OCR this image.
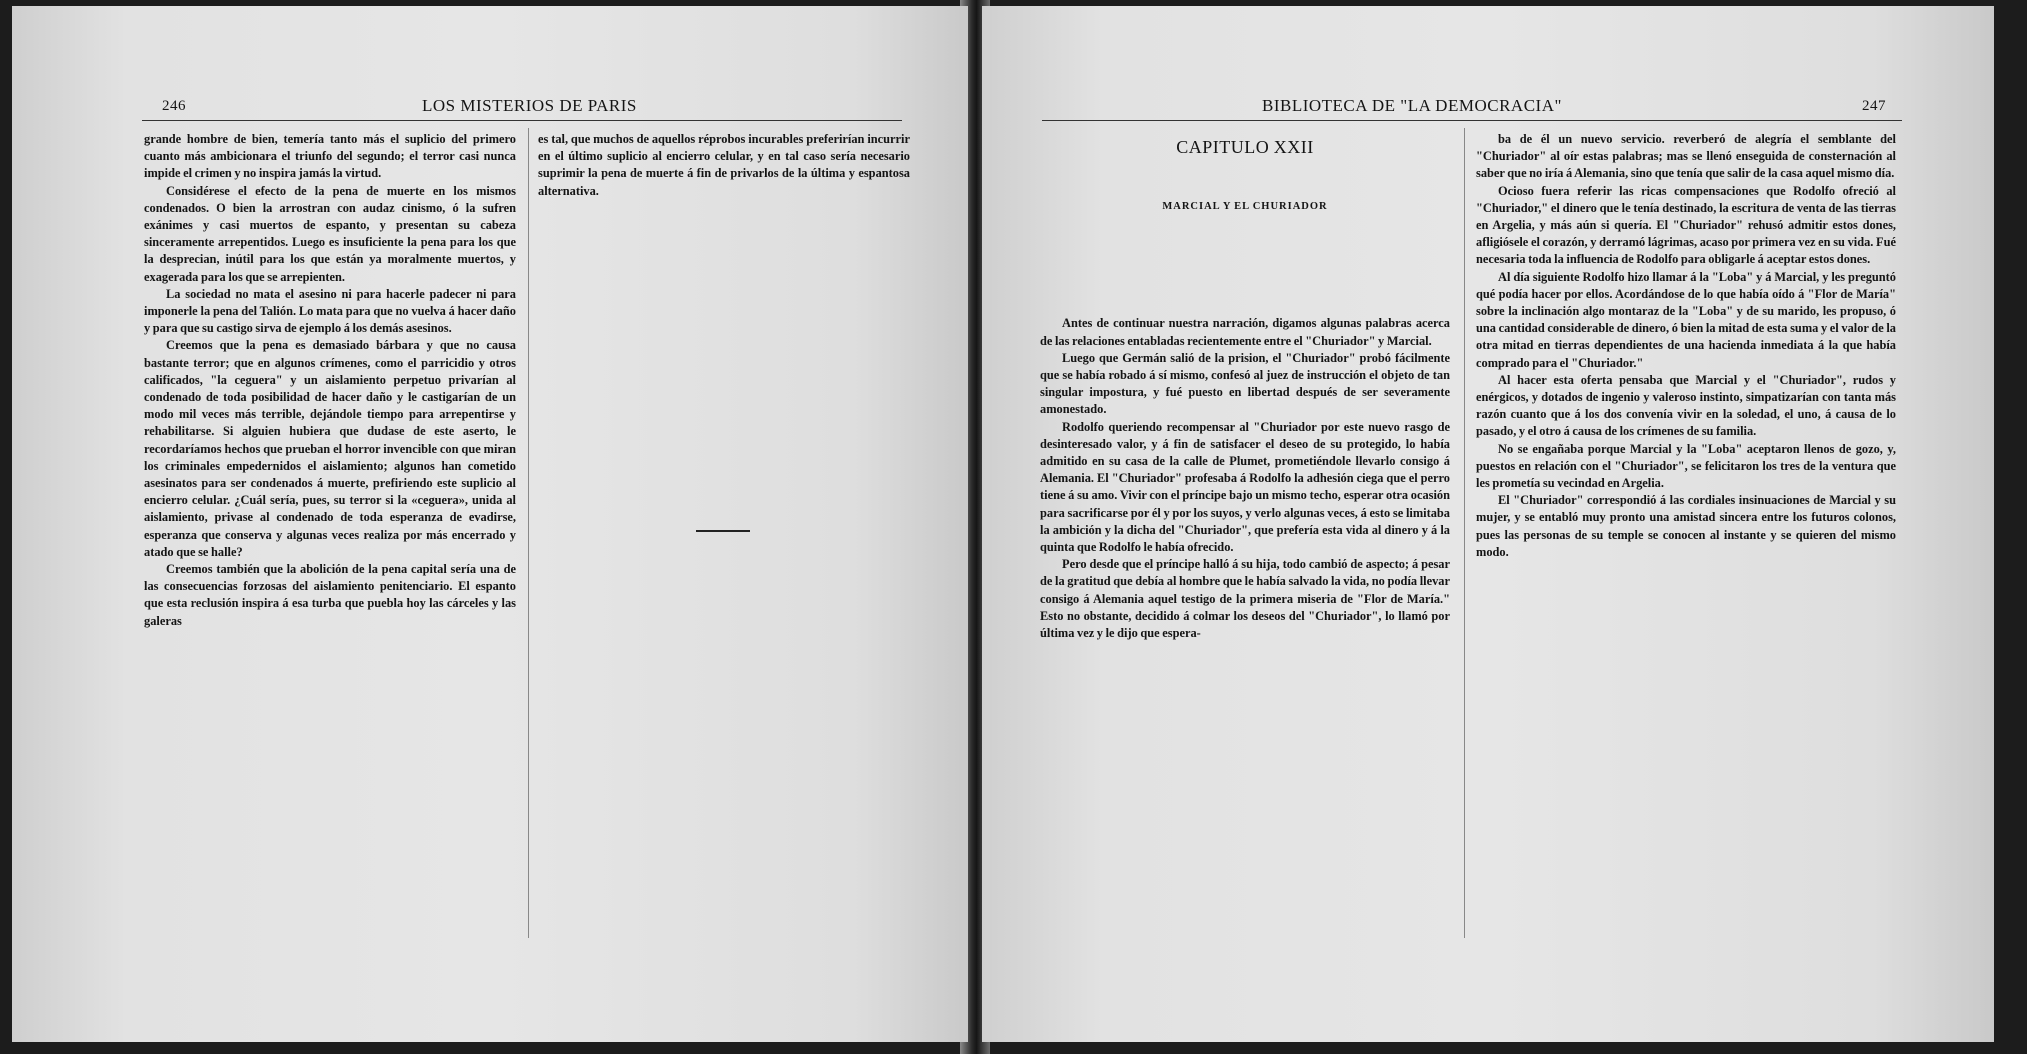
246	LOS MISTERIOS DE PARIS

grande hombre de bien, temería tanto más el suplicio del primero cuanto más ambicionara el triunfo del segundo; el terror casi nunca impide el crimen y no inspira jamás la virtud.

Considérese el efecto de la pena de muerte en los mismos condenados. O bien la arrostran con audaz cinismo, ó la sufren exánimes y casi muertos de espanto, y presentan su cabeza sinceramente arrepentidos. Luego es insuficiente la pena para los que la desprecian, inútil para los que están ya moralmente muertos, y exagerada para los que se arrepienten.

La sociedad no mata el asesino ni para hacerle padecer ni para imponerle la pena del Talión. Lo mata para que no vuelva á hacer daño y para que su castigo sirva de ejemplo á los demás asesinos.

Creemos que la pena es demasiado bárbara y que no causa bastante terror; que en algunos crímenes, como el parricidio y otros calificados, "la ceguera" y un aislamiento perpetuo privarían al condenado de toda posibilidad de hacer daño y le castigarían de un modo mil veces más terrible, dejándole tiempo para arrepentirse y rehabilitarse. Si alguien hubiera que dudase de este aserto, le recordaríamos hechos que prueban el horror invencible con que miran los criminales empedernidos el aislamiento; algunos han cometido asesinatos para ser condenados á muerte, prefiriendo este suplicio al encierro celular. ¿Cuál sería, pues, su terror si la «ceguera», unida al aislamiento, privase al condenado de toda esperanza de evadirse, esperanza que conserva y algunas veces realiza por más encerrado y atado que se halle?

Creemos también que la abolición de la pena capital sería una de las consecuencias forzosas del aislamiento penitenciario. El espanto que esta reclusión inspira á esa turba que puebla hoy las cárceles y las galeras

es tal, que muchos de aquellos réprobos incurables preferirían incurrir en el último suplicio al encierro celular, y en tal caso sería necesario suprimir la pena de muerte á fin de privarlos de la última y espantosa alternativa.

BIBLIOTECA DE "LA DEMOCRACIA"	247
CAPITULO XXII
MARCIAL Y EL CHURIADOR

Antes de continuar nuestra narración, digamos algunas palabras acerca de las relaciones entabladas recientemente entre el "Churiador" y Marcial.

Luego que Germán salió de la prision, el "Churiador" probó fácilmente que se había robado á sí mismo, confesó al juez de instrucción el objeto de tan singular impostura, y fué puesto en libertad después de ser severamente amonestado.

Rodolfo queriendo recompensar al "Churiador por este nuevo rasgo de desinteresado valor, y á fin de satisfacer el deseo de su protegido, lo había admitido en su casa de la calle de Plumet, prometiéndole llevarlo consigo á Alemania. El "Churiador" profesaba á Rodolfo la adhesión ciega que el perro tiene á su amo. Vivir con el príncipe bajo un mismo techo, esperar otra ocasión para sacrificarse por él y por los suyos, y verlo algunas veces, á esto se limitaba la ambición y la dicha del "Churiador", que prefería esta vida al dinero y á la quinta que Rodolfo le había ofrecido.

Pero desde que el príncipe halló á su hija, todo cambió de aspecto; á pesar de la gratitud que debía al hombre que le había salvado la vida, no podía llevar consigo á Alemania aquel testigo de la primera miseria de "Flor de María." Esto no obstante, decidido á colmar los deseos del "Churiador", lo llamó por última vez y le dijo que espera-

ba de él un nuevo servicio. reverberó de alegría el semblante del "Churiador" al oír estas palabras; mas se llenó enseguida de consternación al saber que no iría á Alemania, sino que tenía que salir de la casa aquel mismo día.

Ocioso fuera referir las ricas compensaciones que Rodolfo ofreció al "Churiador," el dinero que le tenía destinado, la escritura de venta de las tierras en Argelia, y más aún si quería. El "Churiador" rehusó admitir estos dones, afligiósele el corazón, y derramó lágrimas, acaso por primera vez en su vida. Fué necesaria toda la influencia de Rodolfo para obligarle á aceptar estos dones.

Al día siguiente Rodolfo hizo llamar á la "Loba" y á Marcial, y les preguntó qué podía hacer por ellos. Acordándose de lo que había oído á "Flor de María" sobre la inclinación algo montaraz de la "Loba" y de su marido, les propuso, ó una cantidad considerable de dinero, ó bien la mitad de esta suma y el valor de la otra mitad en tierras dependientes de una hacienda inmediata á la que había comprado para el "Churiador."

Al hacer esta oferta pensaba que Marcial y el "Churiador", rudos y enérgicos, y dotados de ingenio y valeroso instinto, simpatizarían con tanta más razón cuanto que á los dos convenía vivir en la soledad, el uno, á causa de lo pasado, y el otro á causa de los crímenes de su familia.

No se engañaba porque Marcial y la "Loba" aceptaron llenos de gozo, y, puestos en relación con el "Churiador", se felicitaron los tres de la ventura que les prometía su vecindad en Argelia.

El "Churiador" correspondió á las cordiales insinuaciones de Marcial y su mujer, y se entabló muy pronto una amistad sincera entre los futuros colonos, pues las personas de su temple se conocen al instante y se quieren del mismo modo.
